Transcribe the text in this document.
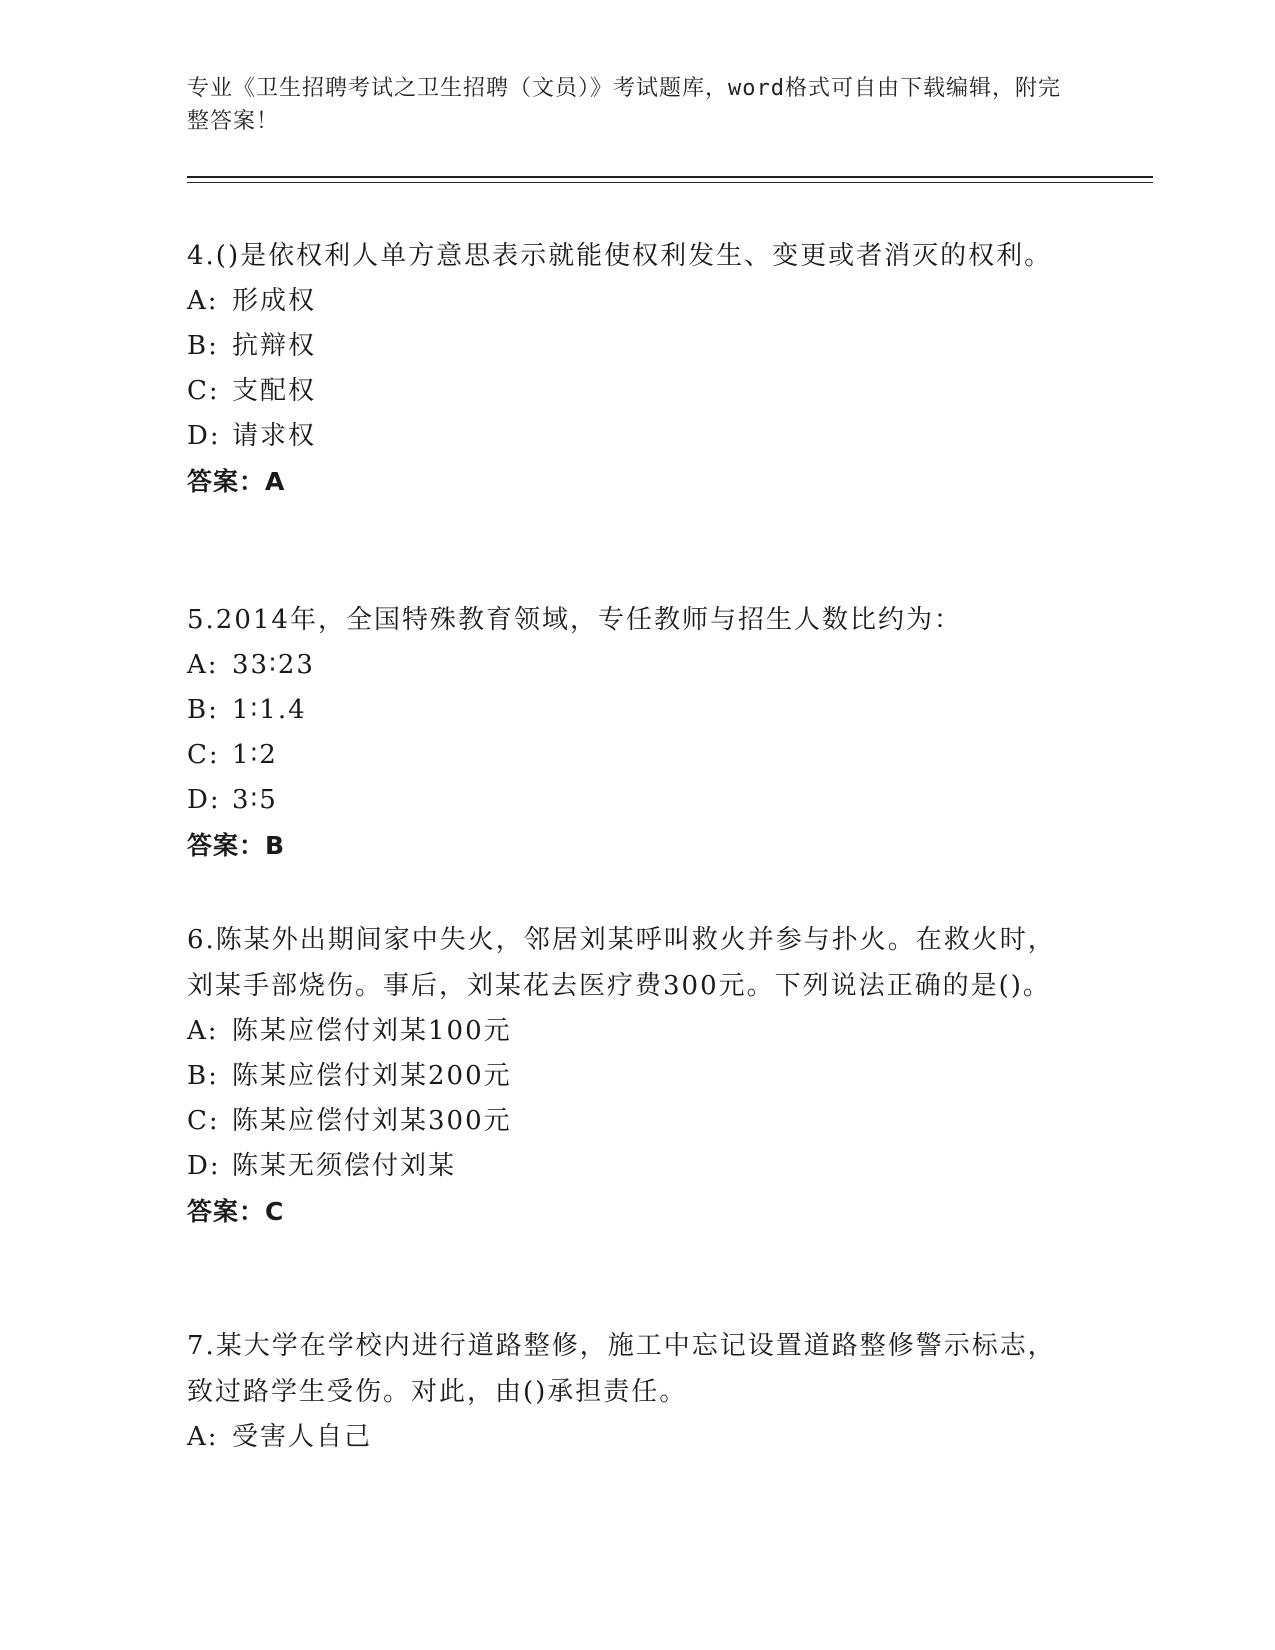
专业《卫生招聘考试之卫生招聘（文员）》考试题库，word格式可自由下载编辑，附完整答案！

4.()是依权利人单方意思表示就能使权利发生、变更或者消灭的权利。

A: 形成权

B: 抗辩权

C: 支配权

D: 请求权

答案：A

5.2014年，全国特殊教育领域，专任教师与招生人数比约为：

A: 33∶23

B: 1∶1.4

C: 1∶2

D: 3∶5

答案：B

6.陈某外出期间家中失火，邻居刘某呼叫救火并参与扑火。在救火时，刘某手部烧伤。事后，刘某花去医疗费300元。下列说法正确的是()。

A: 陈某应偿付刘某100元

B: 陈某应偿付刘某200元

C: 陈某应偿付刘某300元

D: 陈某无须偿付刘某

答案：C

7.某大学在学校内进行道路整修，施工中忘记设置道路整修警示标志，致过路学生受伤。对此，由()承担责任。

A: 受害人自己
